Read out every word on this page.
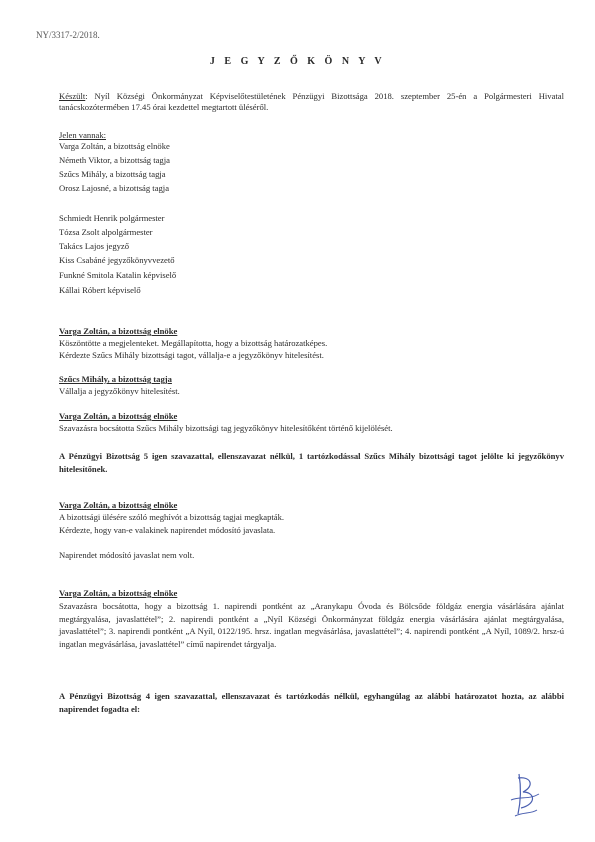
NY/3317-2/2018.
J E G Y Z Ő K Ö N Y V
Készült: Nyíl Községi Önkormányzat Képviselőtestületének Pénzügyi Bizottsága 2018. szeptember 25-én a Polgármesteri Hivatal tanácskozótermében 17.45 órai kezdettel megtartott üléséről.
Jelen vannak:
Varga Zoltán, a bizottság elnöke
Németh Viktor, a bizottság tagja
Szűcs Mihály, a bizottság tagja
Orosz Lajosné, a bizottság tagja
Schmiedt Henrik polgármester
Tózsa Zsolt alpolgármester
Takács Lajos jegyző
Kiss Csabáné jegyzőkönyvvezető
Funkné Smitola Katalin képviselő
Kállai Róbert képviselő
Varga Zoltán, a bizottság elnöke
Köszöntötte a megjelenteket. Megállapította, hogy a bizottság határozatképes.
Kérdezte Szűcs Mihály bizottsági tagot, vállalja-e a jegyzőkönyv hitelesítést.
Szűcs Mihály, a bizottság tagja
Vállalja a jegyzőkönyv hitelesítést.
Varga Zoltán, a bizottság elnöke
Szavazásra bocsátotta Szűcs Mihály bizottsági tag jegyzőkönyv hitelesítőként történő kijelölését.
A Pénzügyi Bizottság 5 igen szavazattal, ellenszavazat nélkül, 1 tartózkodással Szűcs Mihály bizottsági tagot jelölte ki jegyzőkönyv hitelesítőnek.
Varga Zoltán, a bizottság elnöke
A bizottsági ülésére szóló meghívót a bizottság tagjai megkapták.
Kérdezte, hogy van-e valakinek napirendet módosító javaslata.
Napirendet módosító javaslat nem volt.
Varga Zoltán, a bizottság elnöke
Szavazásra bocsátotta, hogy a bizottság 1. napirendi pontként az „Aranykapu Óvoda és Bölcsőde földgáz energia vásárlására ajánlat megtárgyalása, javaslattétel”; 2. napirendi pontként a „Nyíl Községi Önkormányzat földgáz energia vásárlására ajánlat megtárgyalása, javaslattétel”; 3. napirendi pontként „A Nyíl, 0122/195. hrsz. ingatlan megvásárlása, javaslattétel”; 4. napirendi pontként „A Nyíl, 1089/2. hrsz-ú ingatlan megvásárlása, javaslattétel” című napirendet tárgyalja.
A Pénzügyi Bizottság 4 igen szavazattal, ellenszavazat és tartózkodás nélkül, egyhangúlag az alábbi határozatot hozta, az alábbi napirendet fogadta el:
